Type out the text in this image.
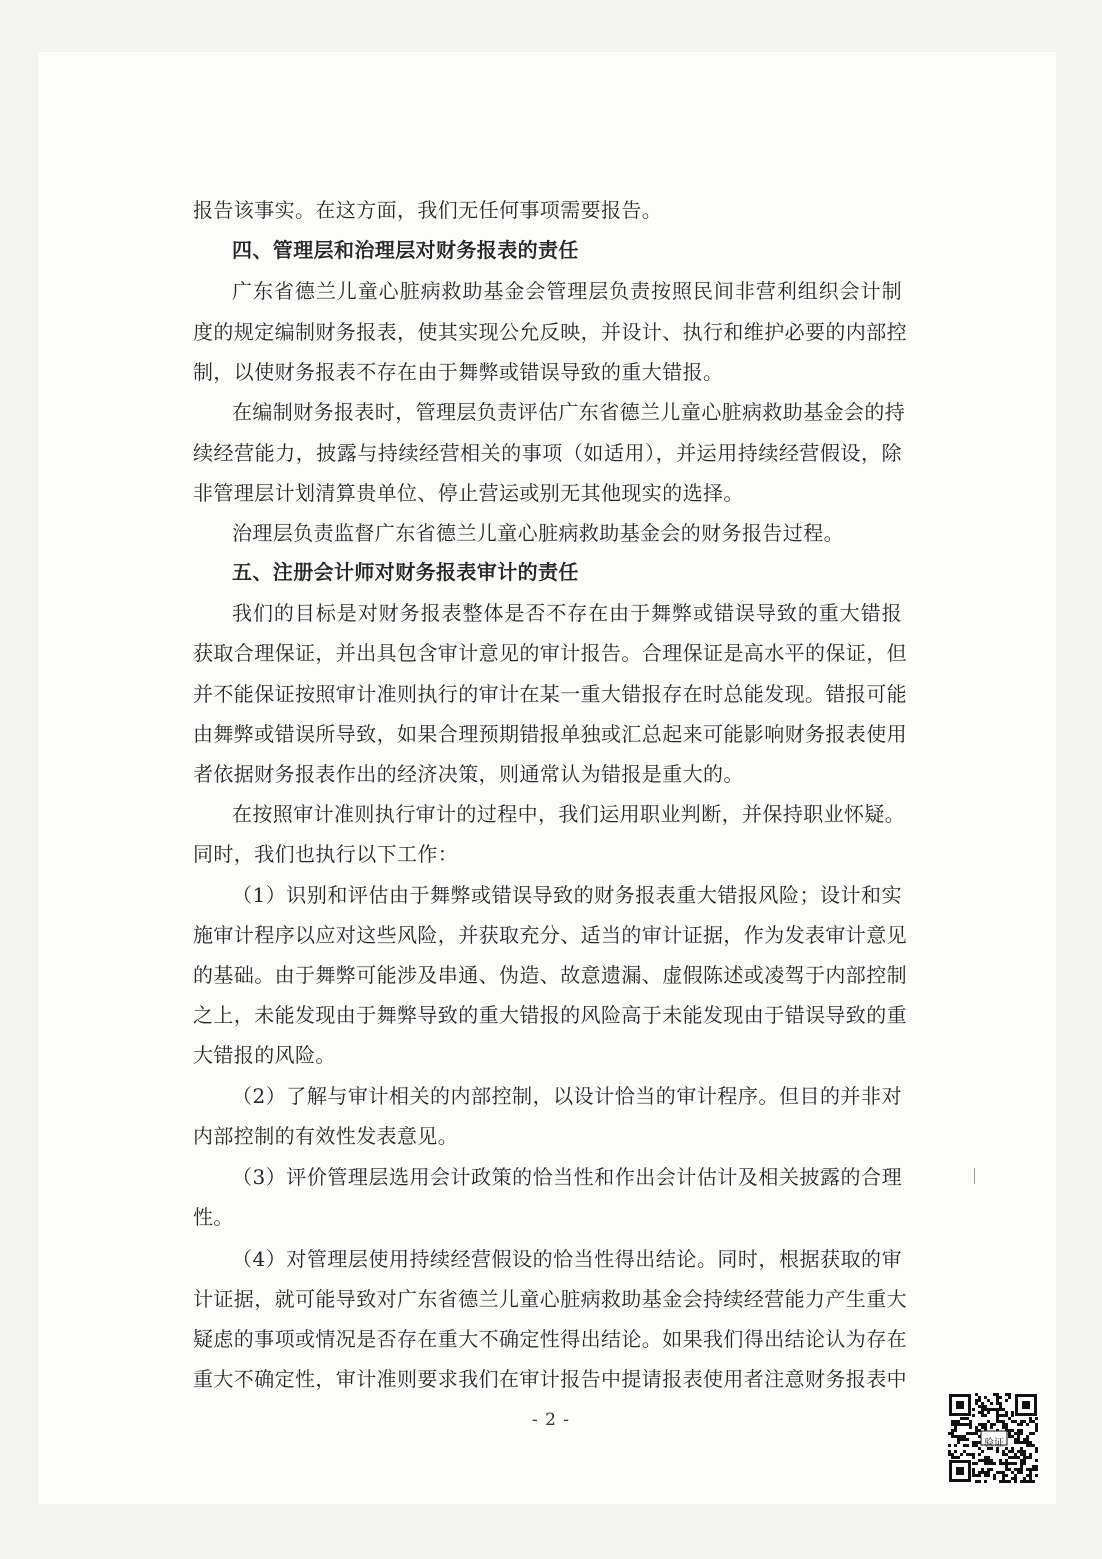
报告该事实。在这方面，我们无任何事项需要报告。
四、管理层和治理层对财务报表的责任
广东省德兰儿童心脏病救助基金会管理层负责按照民间非营利组织会计制
度的规定编制财务报表，使其实现公允反映，并设计、执行和维护必要的内部控
制，以使财务报表不存在由于舞弊或错误导致的重大错报。
在编制财务报表时，管理层负责评估广东省德兰儿童心脏病救助基金会的持
续经营能力，披露与持续经营相关的事项（如适用），并运用持续经营假设，除
非管理层计划清算贵单位、停止营运或别无其他现实的选择。
治理层负责监督广东省德兰儿童心脏病救助基金会的财务报告过程。
五、注册会计师对财务报表审计的责任
我们的目标是对财务报表整体是否不存在由于舞弊或错误导致的重大错报
获取合理保证，并出具包含审计意见的审计报告。合理保证是高水平的保证，但
并不能保证按照审计准则执行的审计在某一重大错报存在时总能发现。错报可能
由舞弊或错误所导致，如果合理预期错报单独或汇总起来可能影响财务报表使用
者依据财务报表作出的经济决策，则通常认为错报是重大的。
在按照审计准则执行审计的过程中，我们运用职业判断，并保持职业怀疑。
同时，我们也执行以下工作：
（1）识别和评估由于舞弊或错误导致的财务报表重大错报风险；设计和实
施审计程序以应对这些风险，并获取充分、适当的审计证据，作为发表审计意见
的基础。由于舞弊可能涉及串通、伪造、故意遗漏、虚假陈述或凌驾于内部控制
之上，未能发现由于舞弊导致的重大错报的风险高于未能发现由于错误导致的重
大错报的风险。
（2）了解与审计相关的内部控制，以设计恰当的审计程序。但目的并非对
内部控制的有效性发表意见。
（3）评价管理层选用会计政策的恰当性和作出会计估计及相关披露的合理
性。
（4）对管理层使用持续经营假设的恰当性得出结论。同时，根据获取的审
计证据，就可能导致对广东省德兰儿童心脏病救助基金会持续经营能力产生重大
疑虑的事项或情况是否存在重大不确定性得出结论。如果我们得出结论认为存在
重大不确定性，审计准则要求我们在审计报告中提请报表使用者注意财务报表中
- 2 -
验证
